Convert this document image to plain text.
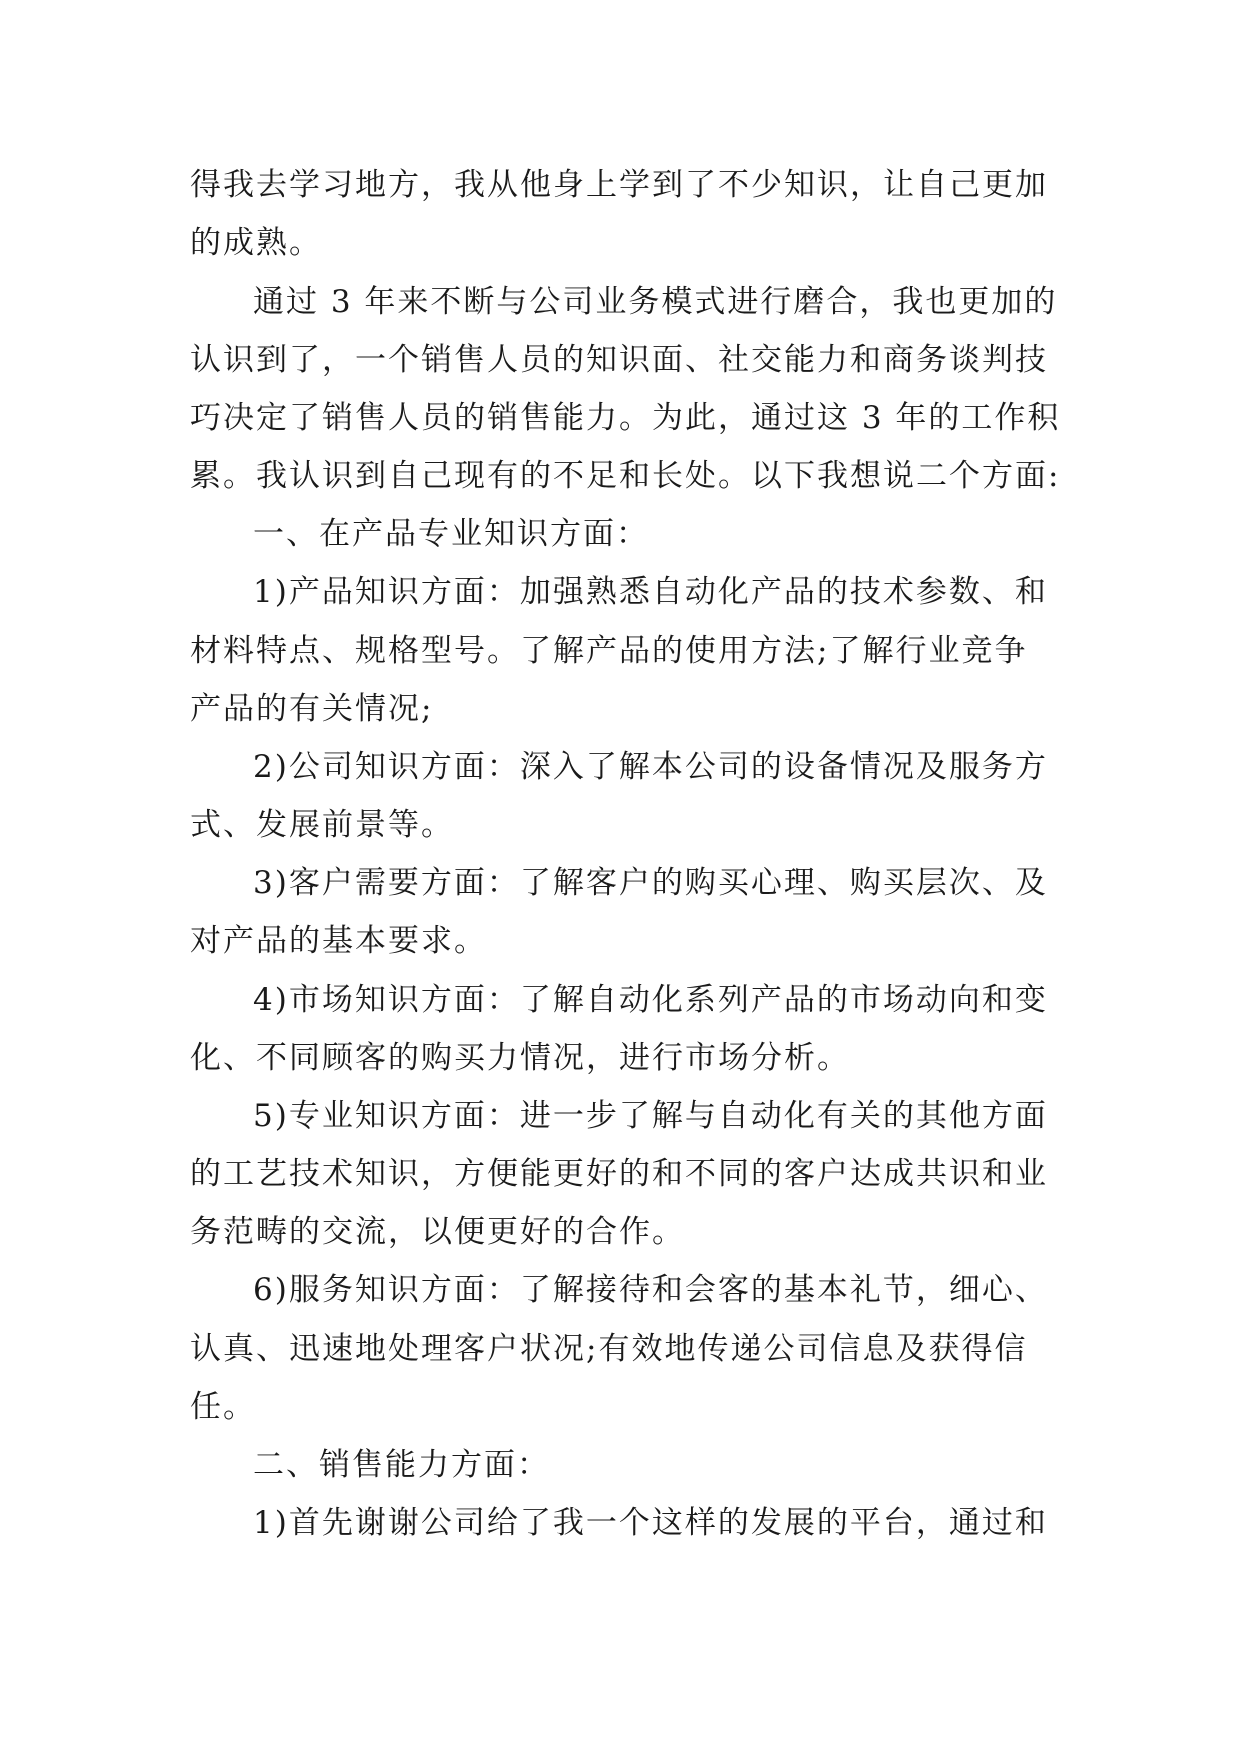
得我去学习地方，我从他身上学到了不少知识，让自己更加
的成熟。
通过 3 年来不断与公司业务模式进行磨合，我也更加的
认识到了，一个销售人员的知识面、社交能力和商务谈判技
巧决定了销售人员的销售能力。为此，通过这 3 年的工作积
累。我认识到自己现有的不足和长处。以下我想说二个方面:
一、在产品专业知识方面：
1)产品知识方面：加强熟悉自动化产品的技术参数、和
材料特点、规格型号。了解产品的使用方法;了解行业竞争
产品的有关情况;
2)公司知识方面：深入了解本公司的设备情况及服务方
式、发展前景等。
3)客户需要方面：了解客户的购买心理、购买层次、及
对产品的基本要求。
4)市场知识方面：了解自动化系列产品的市场动向和变
化、不同顾客的购买力情况，进行市场分析。
5)专业知识方面：进一步了解与自动化有关的其他方面
的工艺技术知识，方便能更好的和不同的客户达成共识和业
务范畴的交流，以便更好的合作。
6)服务知识方面：了解接待和会客的基本礼节，细心、
认真、迅速地处理客户状况;有效地传递公司信息及获得信
任。
二、销售能力方面：
1)首先谢谢公司给了我一个这样的发展的平台，通过和
